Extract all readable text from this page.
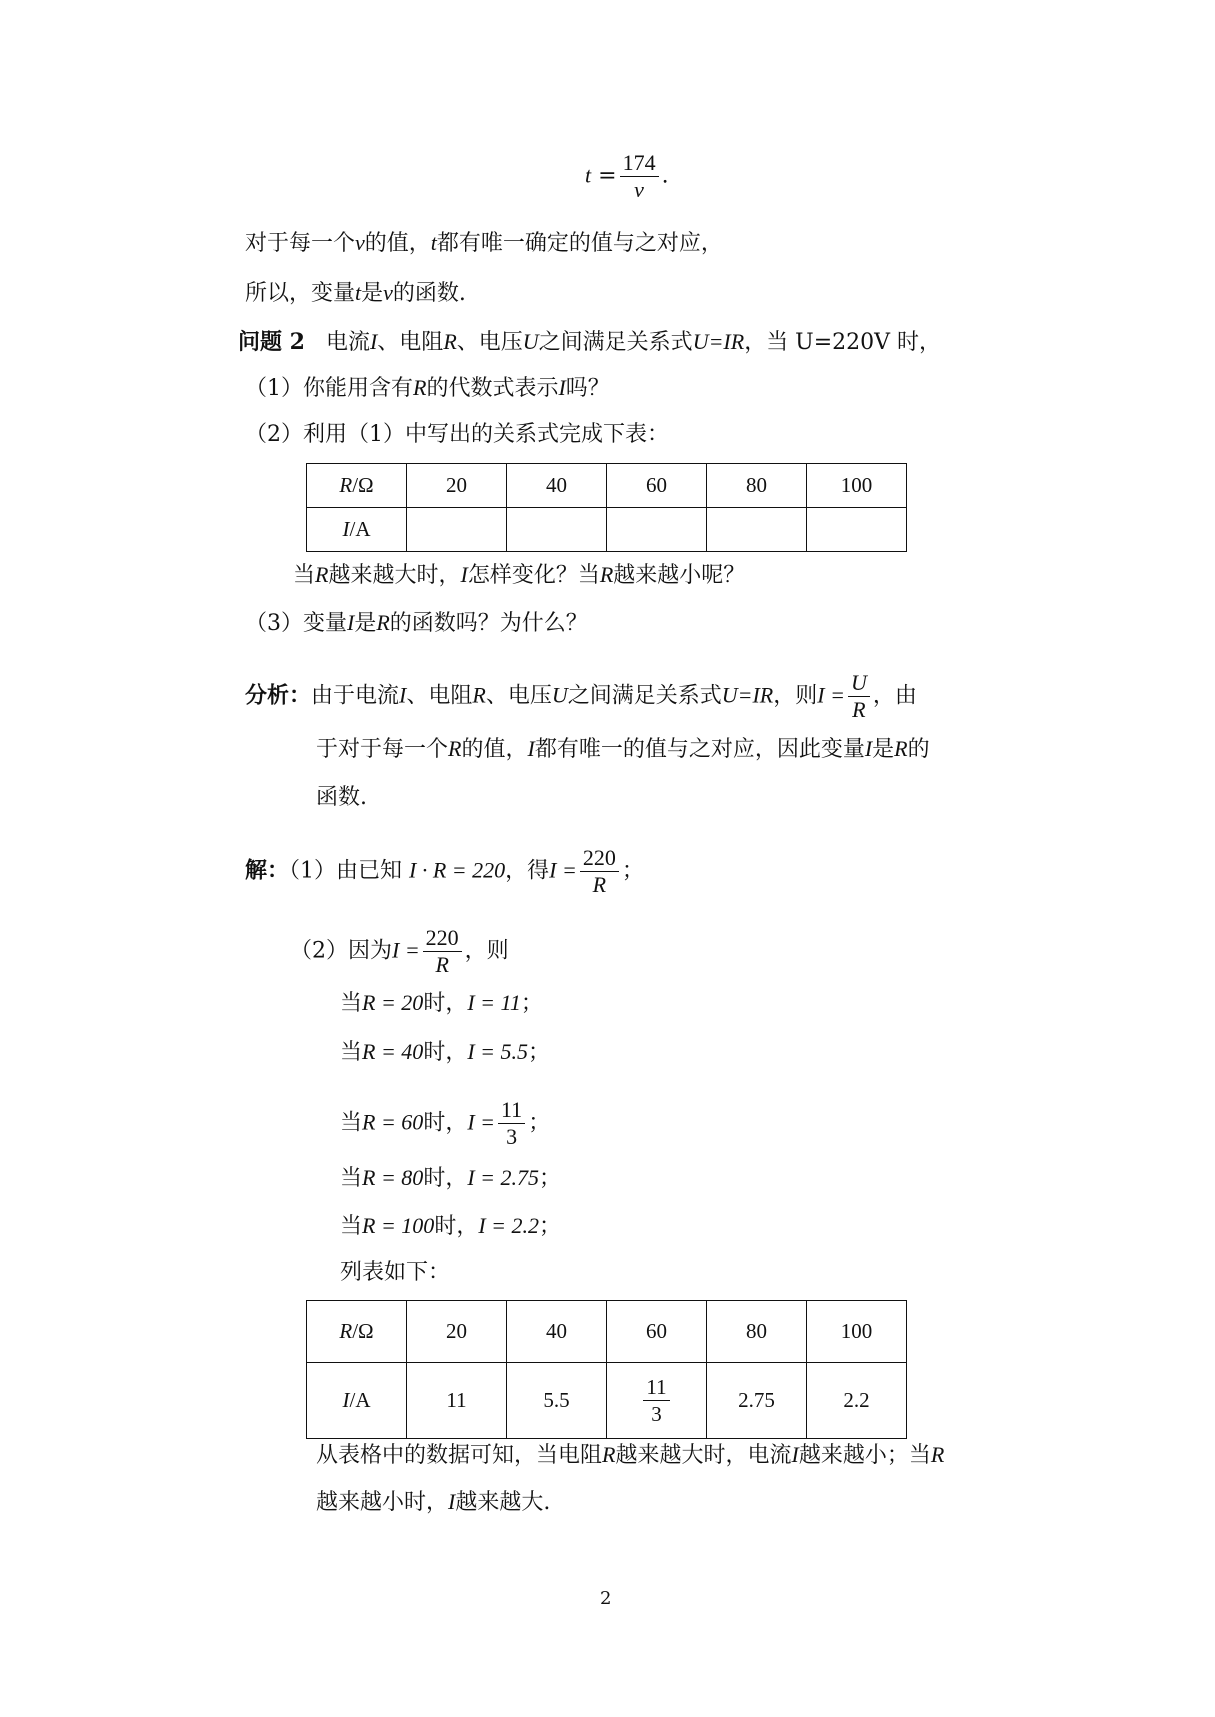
$t = \frac{174}{v}$ .
对于每一个v的值，t都有唯一确定的值与之对应，
所以，变量t是v的函数.
问题 2 电流I、电阻R、电压U之间满足关系式U=IR，当 U=220V 时，
（1）你能用含有R的代数式表示I吗？
（2）利用（1）中写出的关系式完成下表：
R/Ω	20	40	60	80	100
I/A					
当R越来越大时，I怎样变化？当R越来越小呢？
（3）变量I是R的函数吗？为什么？
分析：由于电流I、电阻R、电压U之间满足关系式U=IR，则$I = \frac{U}{R}$ ，由
于对于每一个R的值，I都有唯一的值与之对应，因此变量I是R的
函数.
解：（1）由已知 I · R = 220，得$I = \frac{220}{R}$ ；
（2）因为$I = \frac{220}{R}$ ，则
当R = 20时，I = 11；
当R = 40时，I = 5.5；
当R = 60时，$I = \frac{11}{3}$ ；
当R = 80时，I = 2.75；
当R = 100时，I = 2.2；
列表如下：
R/Ω	20	40	60	80	100
I/A	11	5.5	$\frac{11}{3}$	2.75	2.2
从表格中的数据可知，当电阻R越来越大时，电流I越来越小；当R
越来越小时，I越来越大.
2
